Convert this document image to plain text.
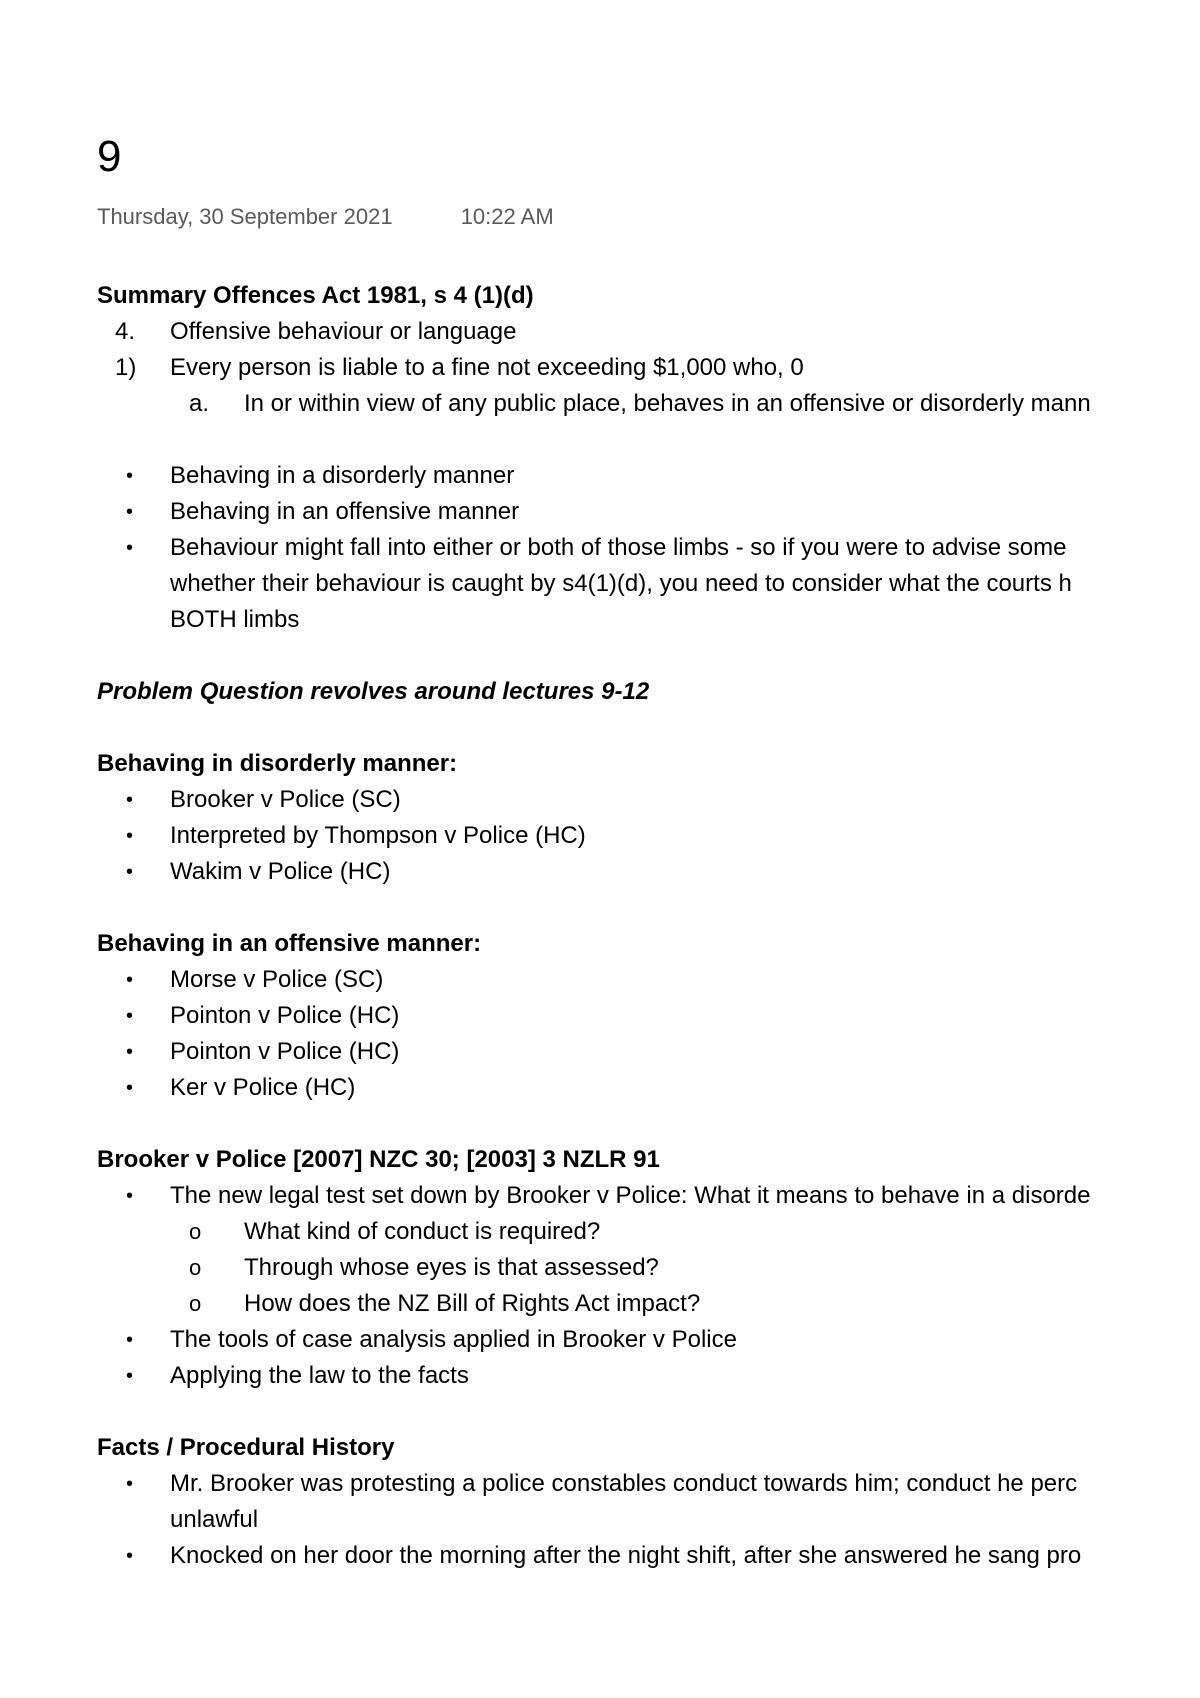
9
Thursday, 30 September 2021	10:22 AM
Summary Offences Act 1981, s 4 (1)(d)
4.	Offensive behaviour or language
1)	Every person is liable to a fine not exceeding $1,000 who, 0
a.	In or within view of any public place, behaves in an offensive or disorderly mann
•	Behaving in a disorderly manner
•	Behaving in an offensive manner
•	Behaviour might fall into either or both of those limbs - so if you were to advise some
whether their behaviour is caught by s4(1)(d), you need to consider what the courts h
BOTH limbs
Problem Question revolves around lectures 9-12
Behaving in disorderly manner:
•	Brooker v Police (SC)
•	Interpreted by Thompson v Police (HC)
•	Wakim v Police (HC)
Behaving in an offensive manner:
•	Morse v Police (SC)
•	Pointon v Police (HC)
•	Pointon v Police (HC)
•	Ker v Police (HC)
Brooker v Police [2007] NZC 30; [2003] 3 NZLR 91
•	The new legal test set down by Brooker v Police: What it means to behave in a disorde
o	What kind of conduct is required?
o	Through whose eyes is that assessed?
o	How does the NZ Bill of Rights Act impact?
•	The tools of case analysis applied in Brooker v Police
•	Applying the law to the facts
Facts / Procedural History
•	Mr. Brooker was protesting a police constables conduct towards him; conduct he perc
unlawful
•	Knocked on her door the morning after the night shift, after she answered he sang pro
